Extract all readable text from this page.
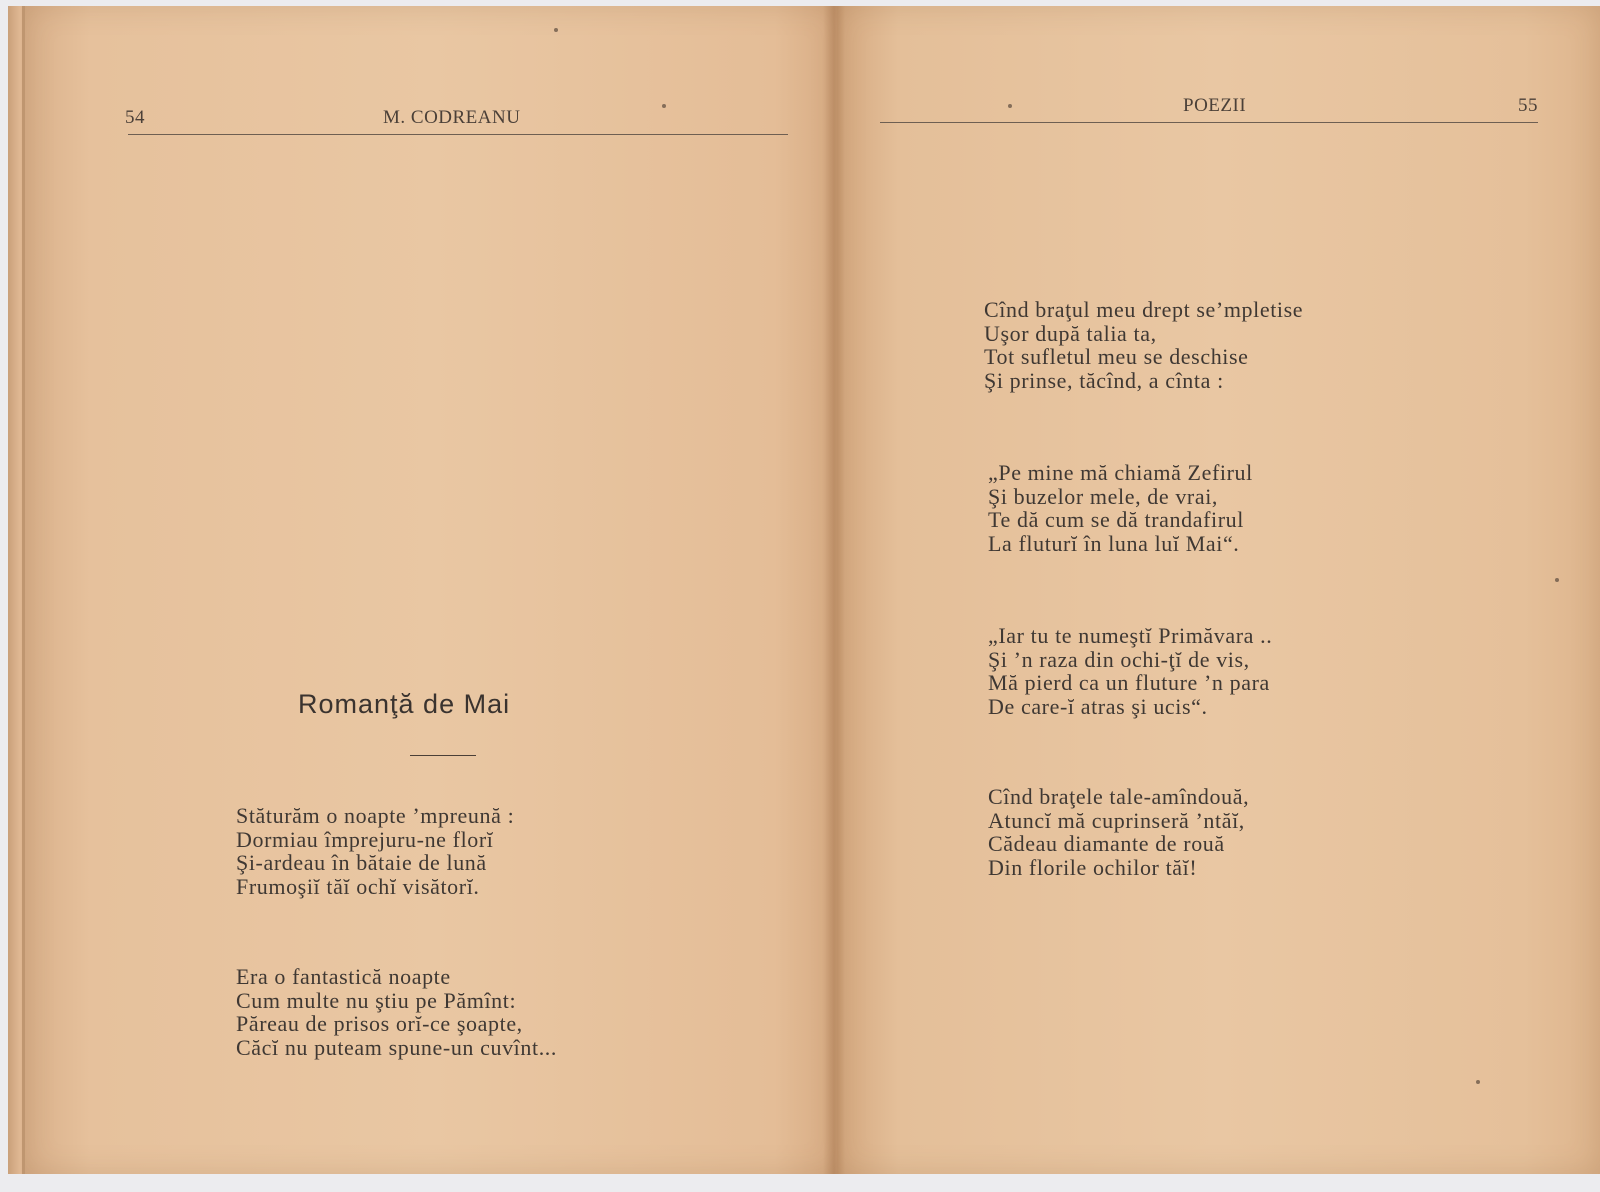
54	M. CODREANU
POEZII	55
Romanţă de Mai
Stăturăm o noapte ’mpreună :
Dormiau împrejuru-ne florĭ
Şi-ardeau în bătaie de lună
Frumoşiĭ tăĭ ochĭ visătorĭ.
Era o fantastică noapte
Cum multe nu ştiu pe Pămînt:
Păreau de prisos orĭ-ce şoapte,
Căcĭ nu puteam spune-un cuvînt...
Cînd braţul meu drept se’mpletise
Uşor după talia ta,
Tot sufletul meu se deschise
Şi prinse, tăcînd, a cînta :
„Pe mine mă chiamă Zefirul
Şi buzelor mele, de vrai,
Te dă cum se dă trandafirul
La fluturĭ în luna luĭ Mai“.
„Iar tu te numeştĭ Primăvara ..
Şi ’n raza din ochi-ţĭ de vis,
Mă pierd ca un fluture ’n para
De care-ĭ atras şi ucis“.
Cînd braţele tale-amîndouă,
Atuncĭ mă cuprinseră ’ntăĭ,
Cădeau diamante de rouă
Din florile ochilor tăĭ!
